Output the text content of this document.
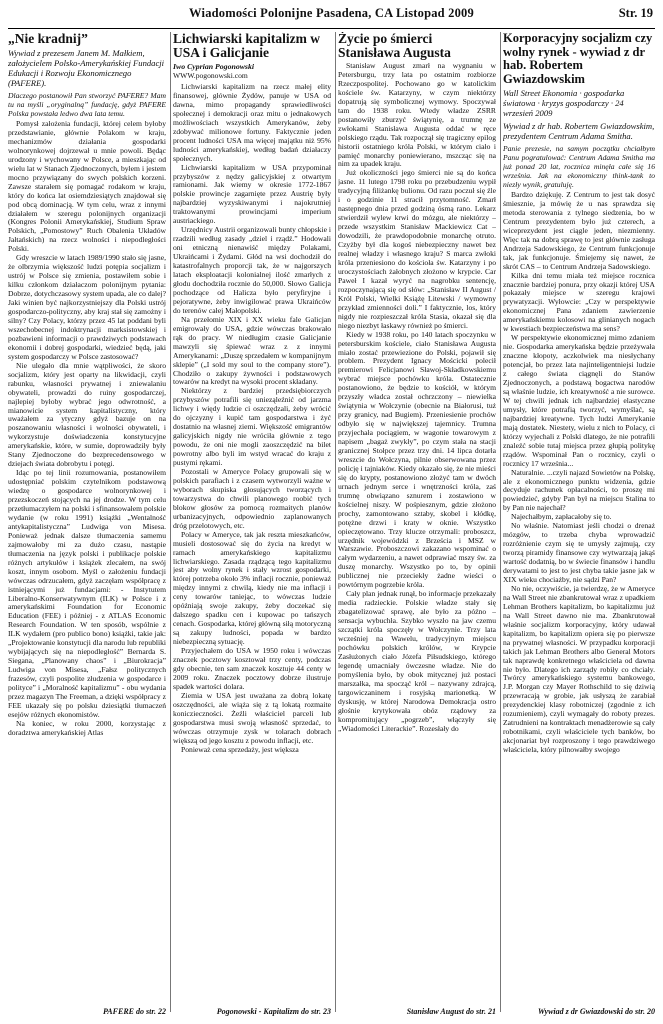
Wiadomości Polonijne Pasadena, CA Listopad 2009	Str. 19
„Nie kradnij”
Wywiad z prezesem Janem M. Małkiem, założycielem Polsko-Amerykańskiej Fundacji Edukacji i Rozwoju Ekonomicznego (PAFERE).
Dlaczego postanowił Pan stworzyć PAFERE? Mam tu na myśli „oryginalną” fundację, gdyż PAFERE Polska powstała ledwo dwa lata temu.

Pomysł założenia fundacji, której celem byłoby przedstawianie, głównie Polakom w kraju, mechanizmów działania gospodarki wolnorynkowej dojrzewał u mnie powoli. Będąc urodzony i wychowany w Polsce, a mieszkając od wielu lat w Stanach Zjednoczonych, byłem i jestem mocno przywiązany do swych polskich korzeni. Zawsze starałem się pomagać rodakom w kraju, który do końca lat osiemdziesiątych znajdował się pod obcą dominacją. W tym celu, wraz z innymi działałem w szeregu polonijnych organizacji (Kongres Polonii Amerykańskiej, Studium Spraw Polskich, „Pomostowy” Ruch Obalenia Układów Jałtańskich) na rzecz wolności i niepodległości Polski.

Gdy wreszcie w latach 1989/1990 stało się jasne, że olbrzymia większość ludzi potępia socjalizm i ustrój w Polsce się zmienia, postawiłem sobie i kilku członkom działaczom polonijnym pytania: Dobrze, dotychczasowy system upada, ale co dalej? Jaki winien być najkorzystniejszy dla Polski ustrój gospodarczo-polityczny, aby kraj stał się zamożny i silny? Czy Polacy, którzy przez 45 lat poddani byli wszechobecnej indoktrynacji marksistowskiej i pozbawieni informacji o prawdziwych podstawach ekonomii i dobrej gospodarki, wiedzieć będą, jaki system gospodarczy w Polsce zastosować?

Nie ulegało dla mnie wątpliwości, że skoro socjalizm, który jest oparty na likwidacji, czyli rabunku, własności prywatnej i zniewalaniu obywateli, prowadzi do ruiny gospodarczej, najlepiej byłoby wybrać jego odwrotność, a mianowicie system kapitalistyczny, który uważałem za ytyczny gdyż bazuje on na poszanowaniu własności i wolności obywateli, i wykorzystuje doświadczenia konstytucyjne amerykańskie, które, w sumie, doprowadziły były Stany Zjednoczone do bezprecedensowego w dziejach świata dobrobytu i potęgi.

Idąc po tej linii rozumowania, postanowiłem udostępniać polskim czytelnikom podstawową wiedzę o gospodarce wolnorynkowej i przezskoczeń stojących na jej drodze. W tym celu przetłumaczyłem na polski i sfinansowałem polskie wydanie (w roku 1991) książki „Wentalność antykapitalistyczna” Ludwiga von Misesa. Ponieważ jednak dalsze tłumaczenia samemu zajmowałoby mi za dużo czasu, nastąpie tłumaczenia na język polski i publikacje polskie różnych artykułów i książek zlecałem, na swój koszt, innym osobom. Myśl o założeniu fundacji wówczas odrzucałem, gdyż zaczęłam współpracę z istniejącymi już fundacjami: - Instytutem Liberalno-Konserwatywnym (ILK) w Polsce i z amerykańskimi Foundation for Economic Education (FEE) i później - z ATLAS Economic Research Foundation. W ten sposób, wspólnie z ILK wydałem (pro publico bono) książki, takie jak: „Projektowanie konstytucji dla narodu lub republiki wybijających się na niepodległość” Bernarda S. Siegana, „Planowany chaos” i „Biurokracja” Ludwiga von Misesa, „Fałsz politycznych frazesów, czyli pospolite złudzenia w gospodarce i polityce” i „Moralność kapitalizmu” - obu wydania przez magazyn The Freeman, a dzięki współpracy z FEE ukazały się po polsku dziesiątki tłumaczeń esejów różnych ekonomistów.

Na koniec, w roku 2000, korzystając z doradztwa amerykańskiej Atlas

PAFERE do str. 22
Lichwiarski kapitalizm w USA i Galicjanie
Iwo Cyprian Pogonowski
WWW.pogonowski.com

Lichwiarski kapitalizm na rzecz małej elity finansowej, głównie Żydów, panuje w USA od dawna, mimo propagandy sprawiedliwości społecznej i demokracji oraz mitu o jednakowych możliwościach wszystkich Amerykanów, żeby zdobywać milionowe fortuny. Faktycznie jeden procent ludności USA ma więcej majątku niż 95% ludności amerykańskiej, według badań działaczy społecznych.

Lichwiarski kapitalizm w USA przypominał przybyszów z nędzy galicyjskiej z otwartym ramionami. Jak wiemy w okresie 1772-1867 polskie prowincje zagarnięte przez Austrię były najbardziej wyzyskiwanymi i najokrutniej traktowanymi prowincjami imperium austriackiego.

Urzędnicy Austrii organizowali bunty chłopskie i rzadzili według zasady „dziel i rządź.” Hodowali oni etniczną nienawiść między Polakami, Ukraińcami i Żydami. Głód na wsi dochodził do katastrofalnych proporcji tak, że w najgorszych latach eksploatacji kolonialnej ilość zmarłych z głodu dochodziła rocznie do 50,000. Słowo Galicja pochodzące od Halicza było peryfiryjne i pejoratywne, żeby inwigilować prawa Ukraińców do terenów całej Małopolski.

Na przełomie XIX i XX wieku fale Galicjan emigrowały do USA, gdzie wówczas brakowało rąk do pracy. W niedługim czasie Galicjanie mawzyli się śpiewać wraz z z innymi Amerykanami: „Duszę sprzedałem w kompanijnym sklepie” („I sold my soul to the company store”). Chodziło o zakupy żywności i podstawowych towarów na kredyt na wysoki procent składany.

Niektórzy z bardziej przedsiębiorczych przybyszów potrafili się unieząleźnić od jarzma lichwy i więdy ludzie ci oszczędzali, żeby wrócić do ojczyzny i kupić tam gospodarstwa i żyć dostatnio na własnej ziemi. Większość emigrantów galicyjskich nigdy nie wróciła głównie z tego powodu, że oni nie mogli zaoszczędzić na bilet powrotny albo byli im wstyd wracać do kraju z pustymi rękami.

Pozostali w Ameryce Polacy grupowali się w polskich parafiach i z czasem wytworzyli ważne w wyborach skupiska głosujących tworzących i towarzystwa do chwili planowego roobić tych blokow głosów za pomocą rozmaitych planów urbanizacyjnych, odpowiednio zaplanowanych dróg przelotowych, etc.

Polacy w Ameryce, tak jak reszta mieszkańców, musieli dostosować się do życia na kredyt w ramach amerykańskiego kapitalizmu lichwiarskiego. Zasada rządzącą tego kapitalizmu jest aby wolny rynek i stały wzrost gospodarki, której potrzeba około 3% inflacji rocznie, ponieważ między innymi z chwilą, kiedy nie ma inflacji i ceny towarów taniejąc, to wówczas ludzie opóźniają swoje zakupy, żeby doczekać się dalszego spadku cen i kupowac po tańszych cenach. Gospodarka, której główną siłą motoryczną są zakupy ludności, popada w bardzo niebezpieczną sytuację.

Przyjechałem do USA w 1950 roku i wówczas znaczek pocztowy kosztował trzy centy, podczas gdy obecnie, ten sam znaczek kosztuje 44 centy w 2009 roku. Znaczek pocztowy dobrze ilustruje spadek wartości dolara.

Ziemia w USA jest uważana za dobrą lokatę oszczędności, ale wiąża się z tą lokatą rozmaite koniczieczności. Żeźli właściciel parceli lub gospodarstwa musi swoją własność sprzedać, to wówczas otrzymuje zysk w tolarach dobrach większą od jego kosztu z powodu inflacji, etc.

Ponieważ cena sprzedaży, jest większa

Pogonowski - Kapitalizm do str. 23
Życie po śmierci Stanisława Augusta

Stanisław August zmarł na wygnaniu w Petersburgu, trzy lata po ostatnim rozbiorze Rzeczpospolitej. Pochowano go w katolickim kościele św. Katarzyny, w czym niektórzy dopatrują się symbolicznej wymowy. Spoczywał tam do 1938 roku. Wtedy władze ZSRR postanowiły zburzyć świątynię, a trumnę ze zwłokami Stanisława Augusta oddać w ręce polskiego rządu. Tak rozpoczął się tragiczny epilog historii ostatniego króla Polski, w którym ciało i pamięć monarchy poniewierano, mszcząc się na nim za upadek kraju.

Już okoliczności jego śmierci nie są do końca jasne. 11 lutego 1798 roku po przebudzeniu wypił tradycyjną filiżankę bulionu. Od razu poczuł się źle i o godzinie 11 stracił przytomność. Zmarł następnego dnia przed godziną ósmą rano. Lekarz stwierdził wylew krwi do mózgu, ale niektórzy – przede wszystkim Stanisław Mackiewicz Cat – dowodzili, że prawdopodobnie monarchę otruto. Czyżby był dla kogoś niebezpieczny nawet bez realnej władzy i własnego kraju? S marca zwłoki króla przeniesiono do kościoła św. Katarzyny i po uroczystościach żałobnych złożono w krypcie. Car Paweł I kazał wyryć na nagrobku sentencję, rozpoczynającą się od słów: „Stanisław II August / Król Polski, Wielki Książę Litewski / wymowny przykład zmienności doli.” I faktycznie, los, który nigdy nie rozpieszczał króla Stasia, okazał się dla niego niezbyt łaskawy również po śmierci.

Kiedy w 1938 roku, po 140 latach spoczynku w petersburskim kościele, ciało Stanisława Augusta miało zostać przewiezione do Polski, pojawił się problem. Prezydent Ignacy Mościcki polecił premierowi Felicjanowi Sławoj-Składkowskiemu wybrać miejsce pochówku króla. Ostatecznie postanowiono, że będzie to kościół, w którym przyszły władca został ochrzczony – niewielka świątynia w Wołczynie (obecnie na Białorusi, tuż przy granicy, nad Bugiem). Przeniesienie prochów odbyło się w największej tajemnicy. Trumna przyjechała pociągiem, w wagonie towarowym z napisem „bagaż zwykły”, po czym stała na stacji granicznej Stołpce przez trzy dni. 14 lipca dotarła wreszcie do Wołczyna, pilnie obserwowana przez policję i tajniaków. Kiedy okazało się, że nie mieści się do krypty, postanowiono złożyć tam w dwóch urnach jednym serce i wnętrzności króla, zaś trumnę obwiązano sznurem i zostawiono w kościelnej niszy. W pośpiesznym, gdzie złożono prochy, zamontowano sztaby, skobel i kłódkę, potężne drzwi i kraty w oknie. Wszystko opieczętowano. Trzy klucze otrzymali: proboszcz, urzędnik wojewódzki z Brześcia i MSZ w Warszawie. Proboszczowi zakazano wspominać o całym wydarzeniu, a nawet odprawiać mszy św. za duszę monarchy. Wszystko po to, by opinii publicznej nie przeciekły żadne wieści o powtórnym pogrzebie króla.

Cały plan jednak runął, bo informacje przekazały media radzieckie. Polskie władze stały się zbagatelizować sprawę, ale było za późno – sensacja wybuchła. Szybko wyszło na jaw czemu szczątki króla spoczęły w Wołczynie. Trzy lata wcześniej na Wawelu, tradycyjnym miejscu pochówku polskich królów, w Krypcie Zasłużonych ciało Józefa Piłsudskiego, którego legendę umacniały ówczesne władze. Nie do pomyślenia było, by obok mitycznej już postaci marszałka, ma spocząć król – nazywany zdrajcą, targowiczaninem i rosyjską marionetką. W dyskusję, w której Narodowa Demokracja ostro głośnie krytykowała obóz rządowy za kompromitujący „pogrzeb”, włączyły się „Wiadomości Literackie”. Rozesłały do

Stanisław August do str. 21
Korporacyjny socjalizm czy wolny rynek - wywiad z dr hab. Robertem Gwiazdowskim
Wall Street Ekonomia · gospodarka światowa · kryzys gospodarczy · 24 wrzesień 2009
Wywiad z dr hab. Robertem Gwiazdowskim, prezydentem Centrum Adama Smitha.
Panie prezesie, na samym początku chciałbym Panu pogratulować: Centrum Adama Smitha ma już ponad 20 lat, rocznica minęła całe się 16 września. Jak na ekonomiczny think-tank to niezły wynik, gratuluję.

Bardzo dziękuję. Z Centrum to jest tak dosyć śmiesznie, ja mówię że u nas sprawdza się metoda sterowania z tylnego siedzenia, bo w Centrum prezydentem było już czterech, a wiceprezydent jest ciągle jeden, niezmienny. Więc tak na dobrą sprawę to jest głównie zasługa Andrzeja Sadowskiego, że Centrum funkcjonuje tak, jak funkcjonuje. Śmiejemy się nawet, że skrót CAS – to Centrum Andrzeja Sadowskiego.

Kilka dni temu miała też miejsce rocznica znacznie bardziej ponura, przy okazji której USA pokazały miejsce w szeregu krajowi prywatyzacji. Wyłowcie: „Czy w perspektywie ekonomicznej Pana zdaniem zawierzenie amerykańskiemu kolosowi na glinianych nogach w kwestiach bezpieczeństwa ma sens?

W perspektywie ekonomicznej mimo zdaniem nie. Gospodarka amerykańska będzie przeżywała znaczne kłopoty, aczkolwiek ma niesłychany potencjał, bo przez lata najinteligentniejsi ludzie z całego świata ciągnęli do Stanów Zjednoczonych, a podstawą bogactwa narodów są właśnie ludzie, ich kreatywność a nie surowce. W tej chwili jednak ich najbardziej elastyczne umysły, które potrafią tworzyć, wymyślać, są najbardziej kreatywne. Tych ludzi Amerykanie mają dostatek. Niestety, wielu z nich to Polacy, ci którzy wyjechali z Polski dlatego, że nie potrafili znaleźć sobie tutaj miejsca przez głupią politykę rządów. Wspominał Pan o rocznicy, czyli o rocznicy 17 września...

Naturalnie. ...czyli najazd Sowietów na Polskę, ale z ekonomicznego punktu widzenia, gdzie decyduje rachunek opłacalności, to proszę mi powiedzieć, gdyby Pan był na miejscu Stalina to by Pan nie najechał?

Najechałbym, zapłacałoby się to.

No właśnie. Natomiast jeśli chodzi o drenaż mózgów, to trzeba chyba wprowadzić rozróżnienie czym się te umysły zajmują, czy tworzą piramidy finansowe czy wytwarzają jakąś wartość dodatnią, bo w świecie finansów i handlu derywatami to jest to jest chyba takie jasne jak w XIX wieku chociażby, nie sądzi Pan?

No nie, oczywiście, ja twierdzę, że w Ameryce na Wall Street nie zbankrutował wraz z upadkiem Lehman Brothers kapitalizm, bo kapitalizmu już na Wall Street dawno nie ma. Zbankrutował właśnie socjalizm korporacyjny, który udawał kapitalizm, bo kapitalizm opiera się po pierwsze na prywatnej własności. W przypadku korporacji takich jak Lehman Brothers albo General Motors tak naprawdę konkretnego właściciela od dawna nie było. Dlatego ich zarządy robiły co chciały. Twórcy amerykańskiego systemu bankowego, J.P. Morgan czy Mayer Rothschild to się dziwią przewracają w grobie, jak usłyszą że zarabiał prezydenckiej klasy robotniczej (zgodnie z ich rozumieniem), czyli wymagały do roboty prezes. Zatrudnieni na kontraktach menadżerowie są cały robotnikami, czyli właściciele tych banków, bo akcjonariat był rozproszony i tego prawdziwego właściciela, który pilnowałby swojego

Wywiad z dr Gwiazdowski do str. 20
